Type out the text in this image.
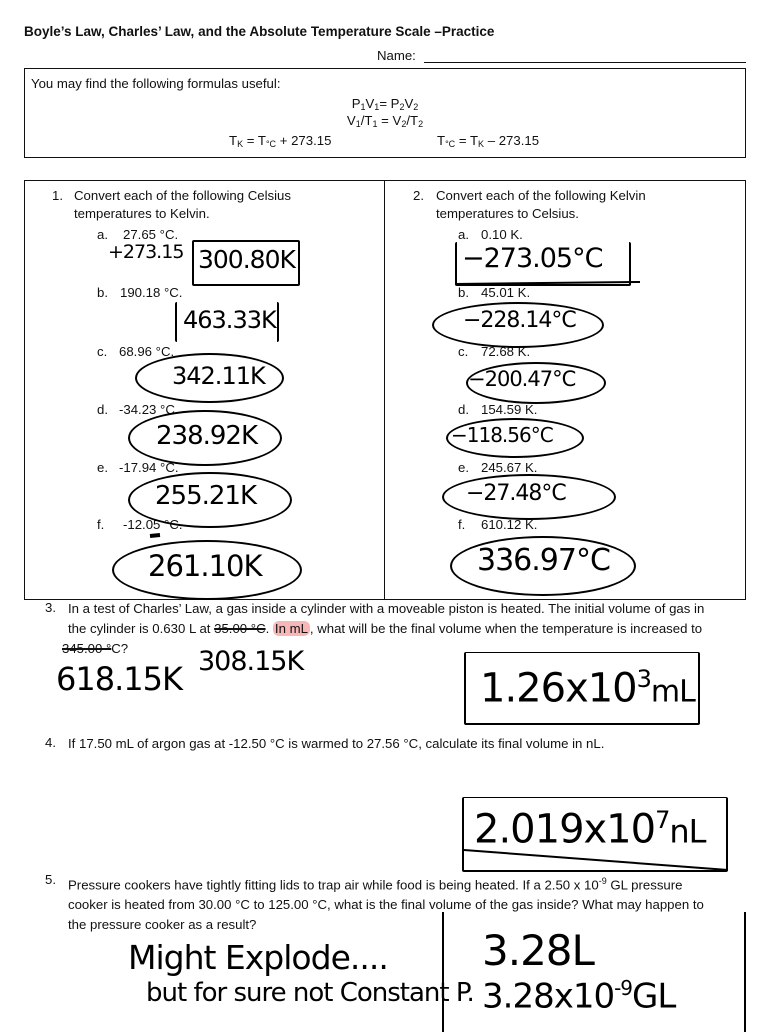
Boyle’s Law, Charles’ Law, and the Absolute Temperature Scale –Practice
Name:
You may find the following formulas useful:
$P_1V_1= P_2V_2$
$V_1/T_1 = V_2/T_2$
$T_K = T_{^\circ C} + 273.15$	$T_{^\circ C} = T_K - 273.15$
1. Convert each of the following Celsius
temperatures to Kelvin.
a. 27.65 °C.
b. 190.18 °C.
c. 68.96 °C.
d. -34.23 °C.
e. -17.94 °C.
f. -12.05 °C.
+273.15 300.80K
463.33K
342.11K
238.92K
255.21K
261.10K
2. Convert each of the following Kelvin
temperatures to Celsius.
a. 0.10 K.
b. 45.01 K.
c. 72.68 K.
d. 154.59 K.
e. 245.67 K.
f. 610.12 K.
−273.05°C
−228.14°C
−200.47°C
−118.56°C
−27.48°C
336.97°C
3. In a test of Charles’ Law, a gas inside a cylinder with a moveable piston is heated. The initial volume of gas in
the cylinder is 0.630 L at 35.00 °C. In mL , what will be the final volume when the temperature is increased to
345.00 °C?
618.15K 308.15K
$1.26x10^3mL$
4. If 17.50 mL of argon gas at -12.50 °C is warmed to 27.56 °C, calculate its final volume in nL.
$2.019x10^7nL$
5. Pressure cookers have tightly fitting lids to trap air while food is being heated. If a 2.50 x $10^{-9}$ GL pressure
cooker is heated from 30.00 °C to 125.00 °C, what is the final volume of the gas inside? What may happen to
the pressure cooker as a result?
Might Explode....
but for sure not Constant P.
3.28L
$3.28x10^{-9}GL$
